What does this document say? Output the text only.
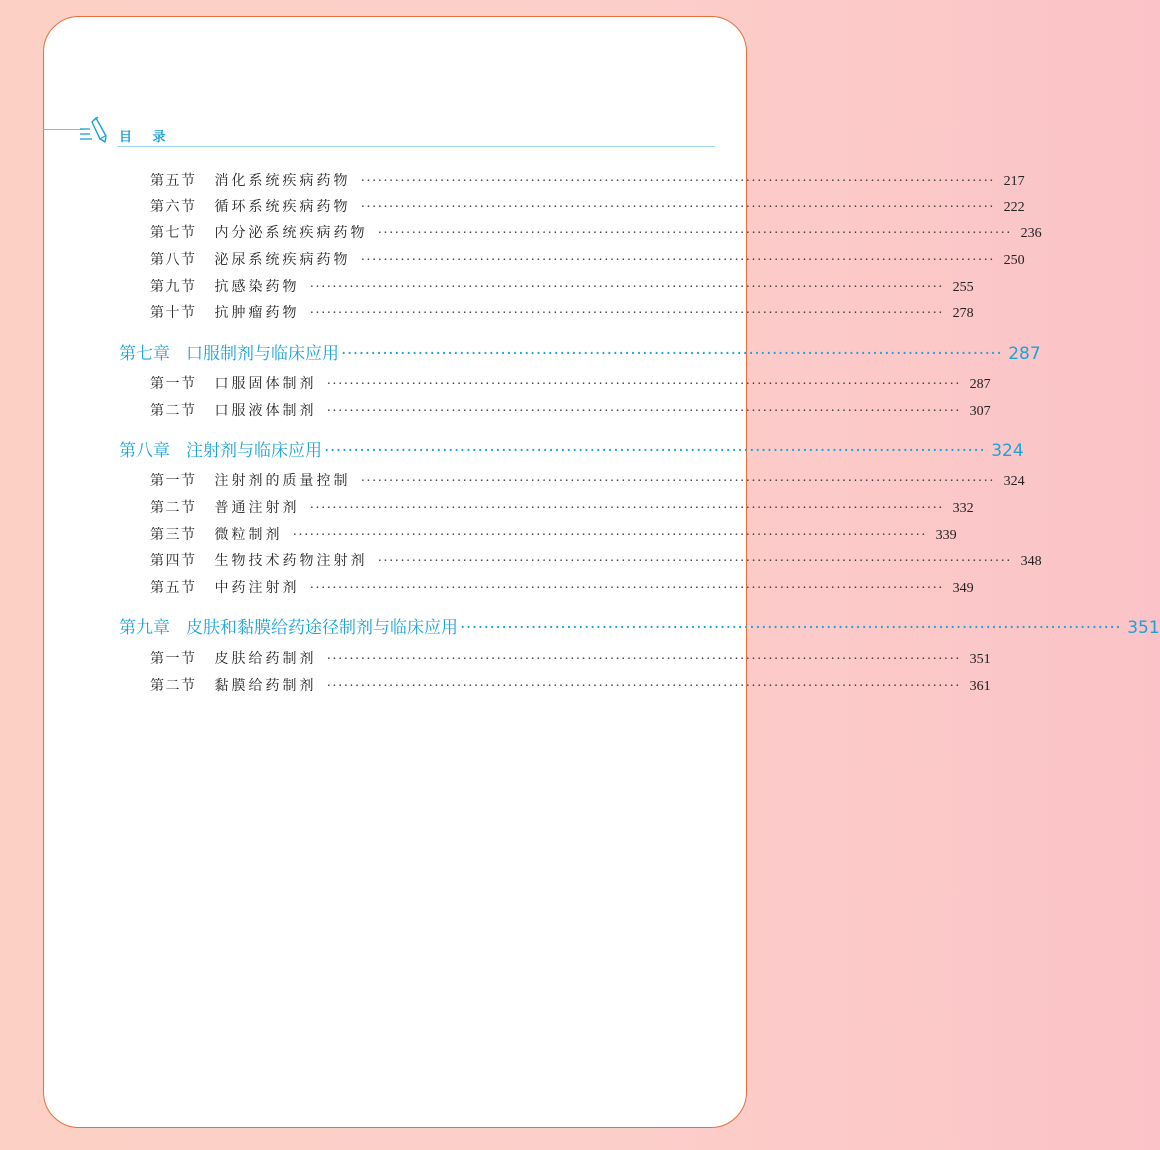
目 录
第五节 消化系统疾病药物 ················································································································ 217
第六节 循环系统疾病药物 ················································································································ 222
第七节 内分泌系统疾病药物 ················································································································ 236
第八节 泌尿系统疾病药物 ················································································································ 250
第九节 抗感染药物 ················································································································ 255
第十节 抗肿瘤药物 ················································································································ 278
第七章 口服制剂与临床应用 ················································································································ 287
第一节 口服固体制剂 ················································································································ 287
第二节 口服液体制剂 ················································································································ 307
第八章 注射剂与临床应用 ················································································································ 324
第一节 注射剂的质量控制 ················································································································ 324
第二节 普通注射剂 ················································································································ 332
第三节 微粒制剂 ················································································································ 339
第四节 生物技术药物注射剂 ················································································································ 348
第五节 中药注射剂 ················································································································ 349
第九章 皮肤和黏膜给药途径制剂与临床应用 ················································································································ 351
第一节 皮肤给药制剂 ················································································································ 351
第二节 黏膜给药制剂 ················································································································ 361
